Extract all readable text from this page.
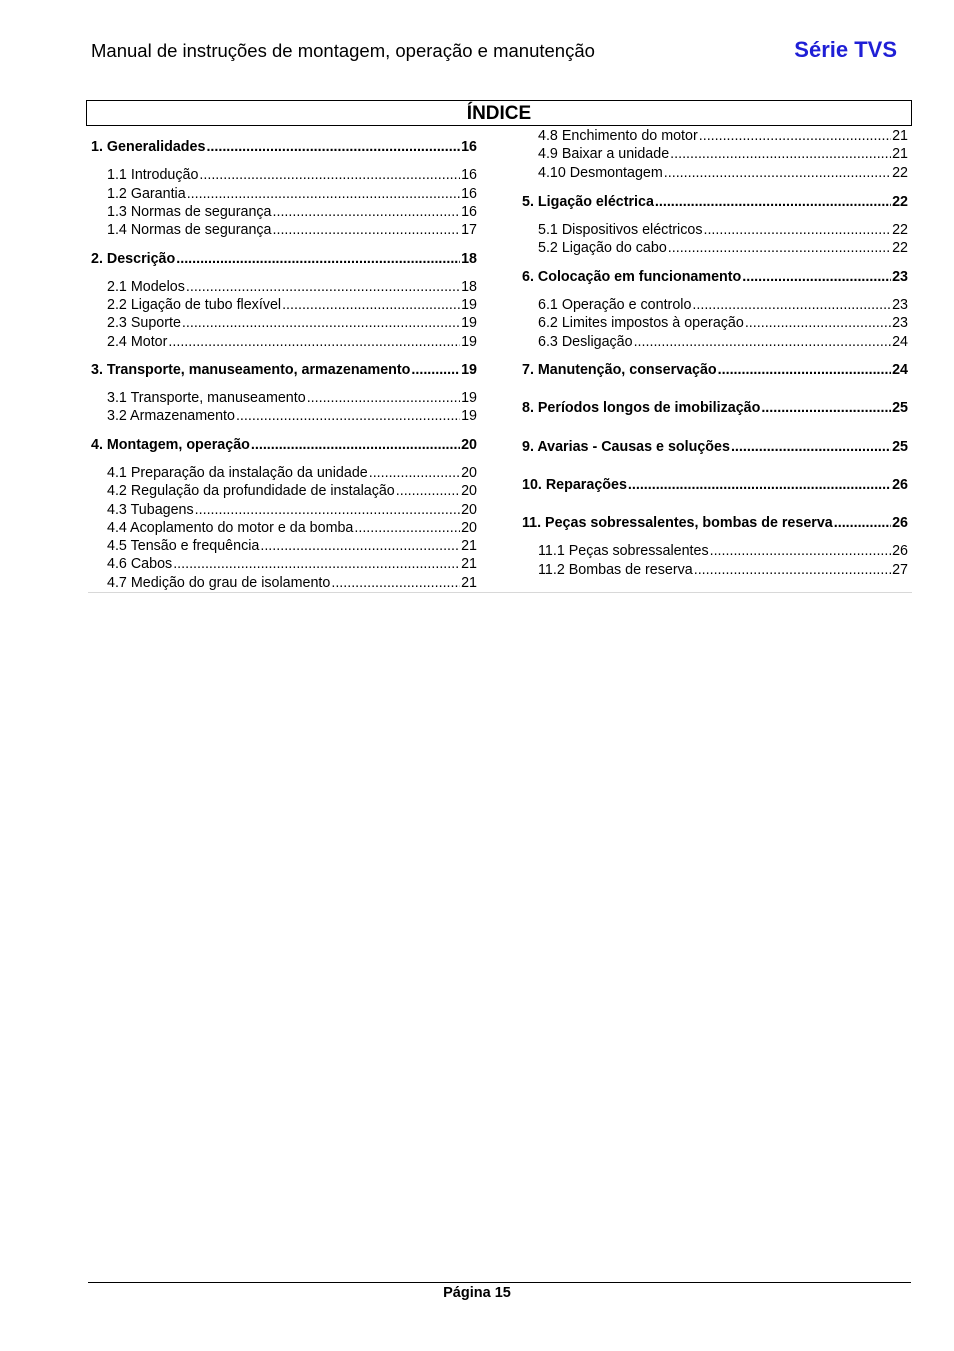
Manual de instruções de montagem, operação e manutenção	Série TVS
ÍNDICE
1. Generalidades .....	16
1.1 Introdução .....	16
1.2 Garantia .....	16
1.3 Normas de segurança .....	16
1.4 Normas de segurança .....	17
2. Descrição .....	18
2.1 Modelos .....	18
2.2 Ligação de tubo flexível .....	19
2.3 Suporte .....	19
2.4 Motor .....	19
3. Transporte, manuseamento, armazenamento .....	19
3.1 Transporte, manuseamento .....	19
3.2 Armazenamento .....	19
4. Montagem, operação .....	20
4.1 Preparação da instalação da unidade .....	20
4.2 Regulação da profundidade de instalação .....	20
4.3 Tubagens .....	20
4.4 Acoplamento do motor e da bomba .....	20
4.5 Tensão e frequência .....	21
4.6 Cabos .....	21
4.7 Medição do grau de isolamento .....	21
4.8 Enchimento do motor .....	21
4.9 Baixar a unidade .....	21
4.10 Desmontagem .....	22
5. Ligação eléctrica .....	22
5.1 Dispositivos eléctricos .....	22
5.2 Ligação do cabo .....	22
6. Colocação em funcionamento .....	23
6.1 Operação e controlo .....	23
6.2 Limites impostos à operação .....	23
6.3 Desligação .....	24
7. Manutenção, conservação .....	24
8. Períodos longos de imobilização .....	25
9. Avarias - Causas e soluções .....	25
10. Reparações .....	26
11. Peças sobressalentes, bombas de reserva .....	26
11.1 Peças sobressalentes .....	26
11.2 Bombas de reserva .....	27
Página 15
